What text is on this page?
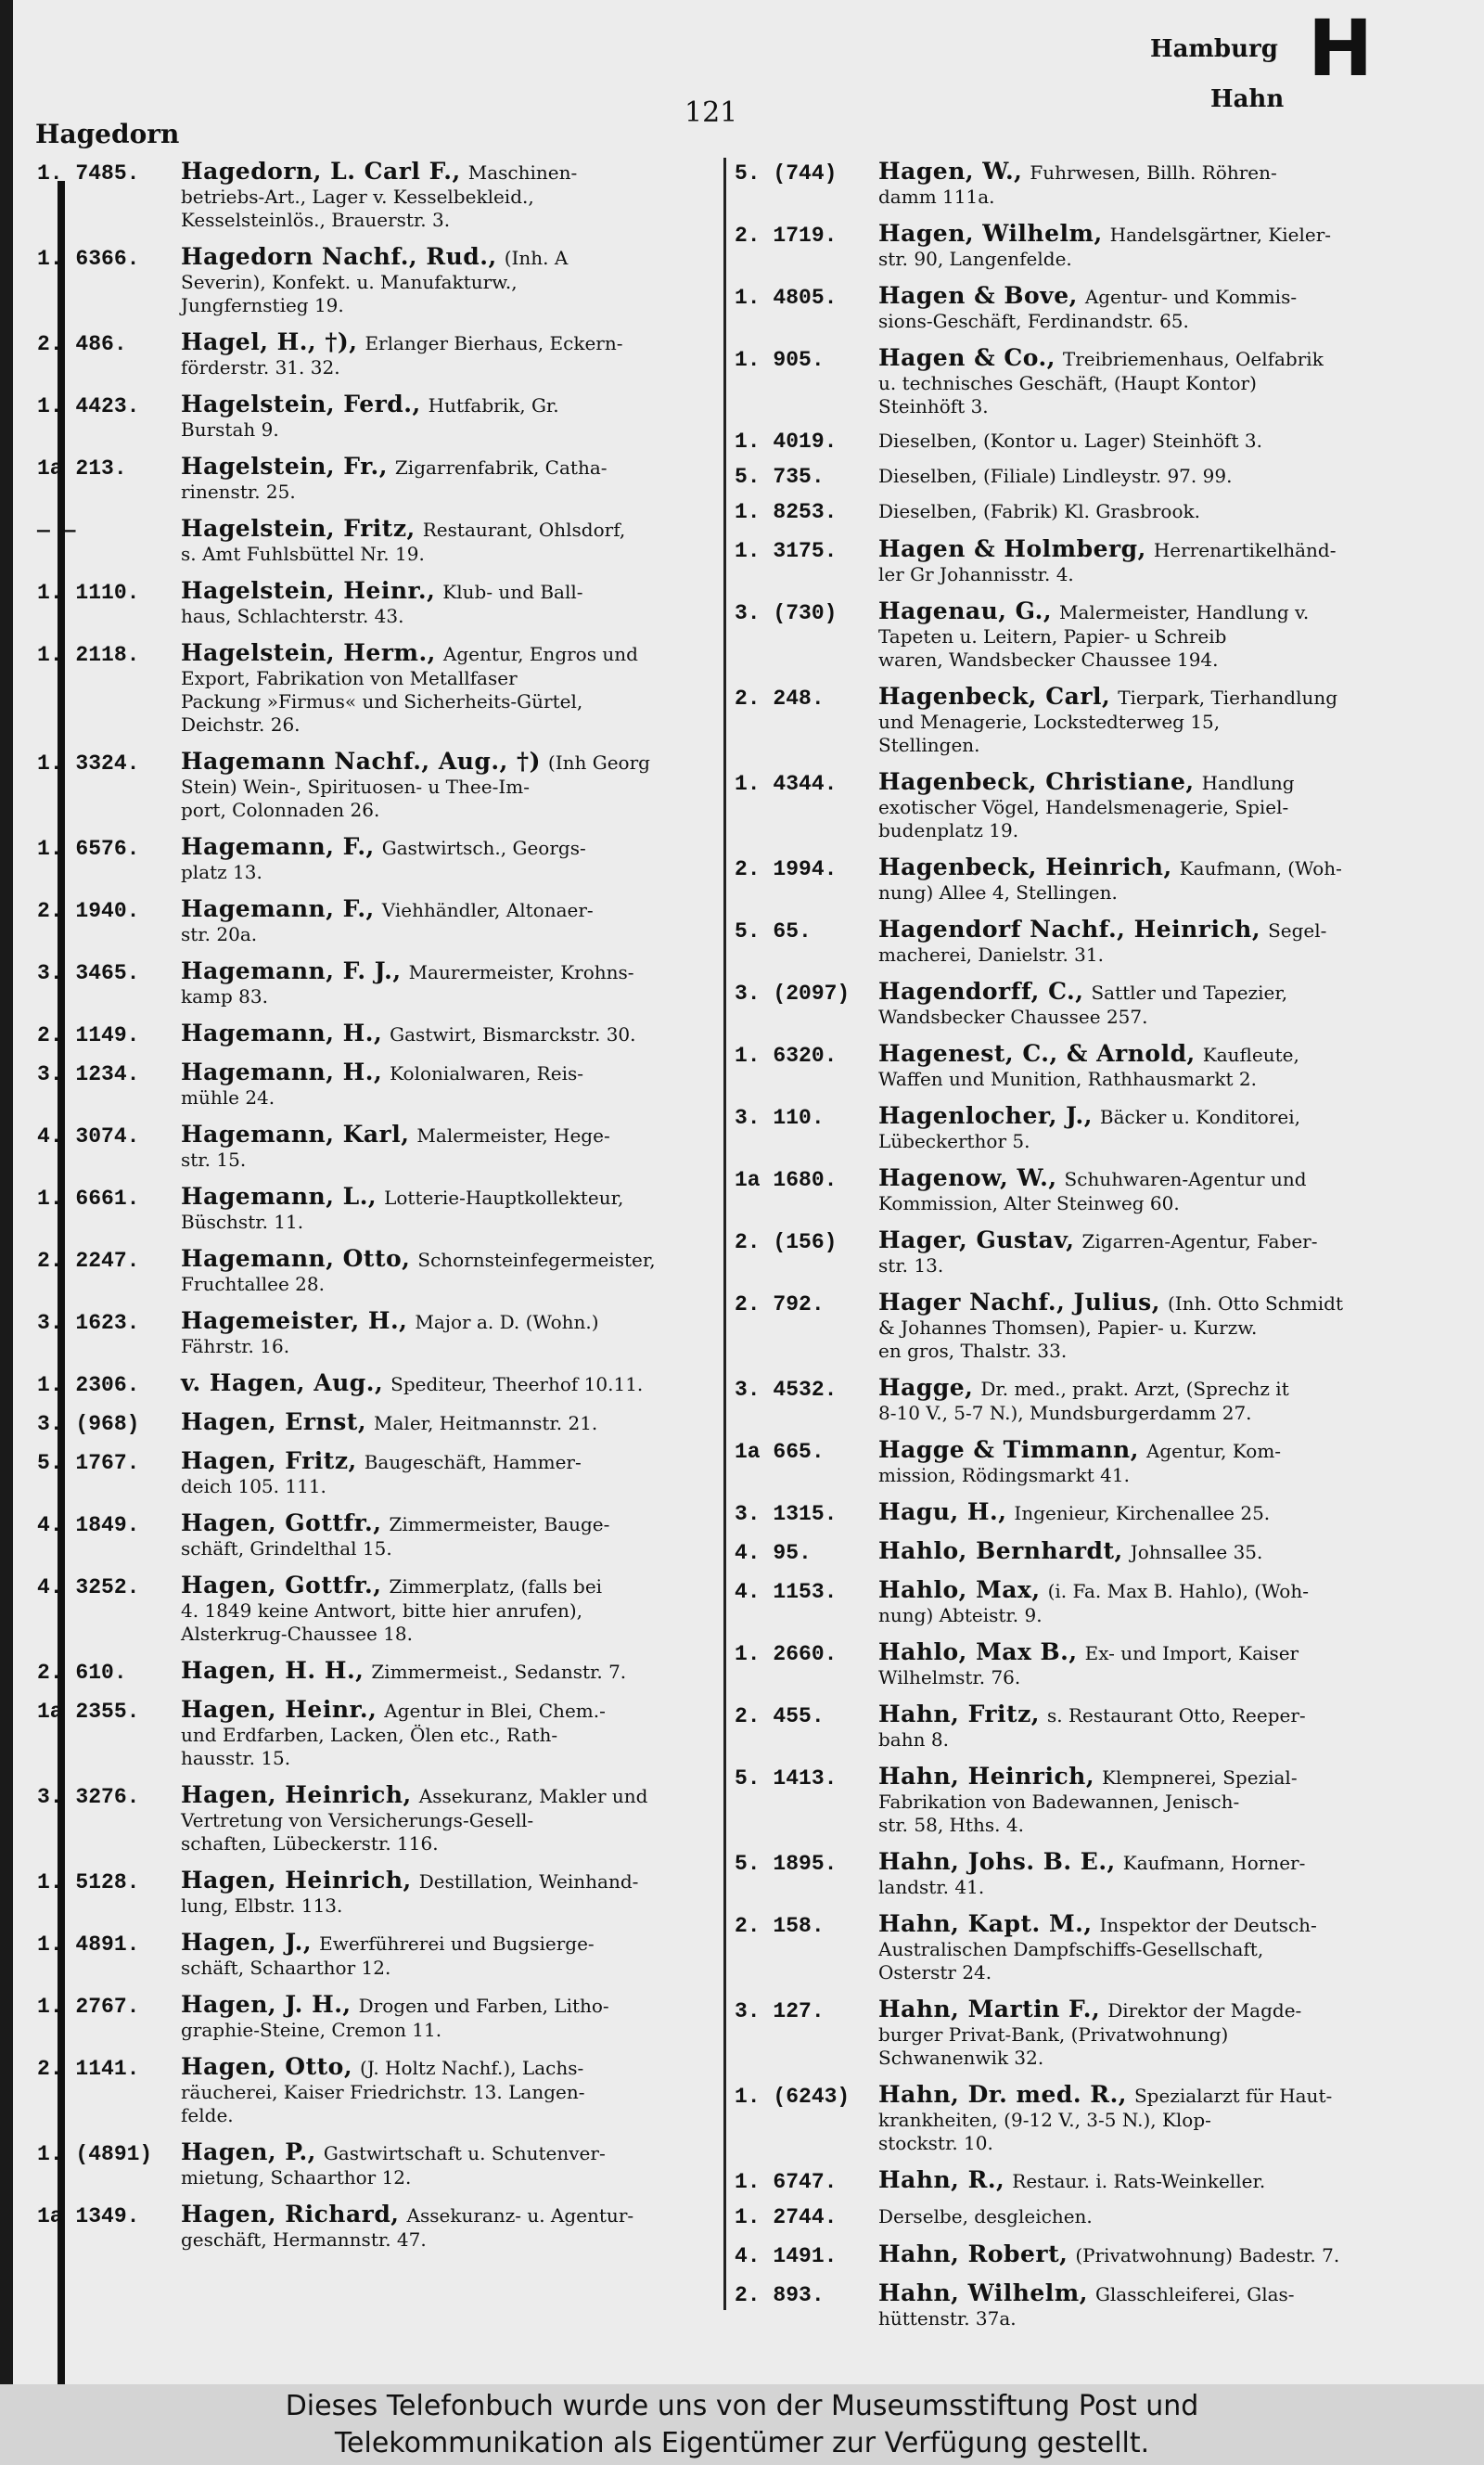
Hagedorn
121
Hamburg
Hahn
H
1. 7485.	Hagedorn, L. Carl F., Maschinen-
betriebs-Art., Lager v. Kesselbekleid.,
Kesselsteinlös., Brauerstr. 3.
1. 6366.	Hagedorn Nachf., Rud., (Inh. A
Severin), Konfekt. u. Manufakturw.,
Jungfernstieg 19.
2. 486.	Hagel, H., †), Erlanger Bierhaus, Eckern-
förderstr. 31. 32.
1. 4423.	Hagelstein, Ferd., Hutfabrik, Gr.
Burstah 9.
1a 213.	Hagelstein, Fr., Zigarrenfabrik, Catha-
rinenstr. 25.
— —	Hagelstein, Fritz, Restaurant, Ohlsdorf,
s. Amt Fuhlsbüttel Nr. 19.
1. 1110.	Hagelstein, Heinr., Klub- und Ball-
haus, Schlachterstr. 43.
1. 2118.	Hagelstein, Herm., Agentur, Engros und
Export, Fabrikation von Metallfaser
Packung »Firmus« und Sicherheits-Gürtel,
Deichstr. 26.
1. 3324.	Hagemann Nachf., Aug., †) (Inh Georg
Stein) Wein-, Spirituosen- u Thee-Im-
port, Colonnaden 26.
1. 6576.	Hagemann, F., Gastwirtsch., Georgs-
platz 13.
2. 1940.	Hagemann, F., Viehhändler, Altonaer-
str. 20a.
3. 3465.	Hagemann, F. J., Maurermeister, Krohns-
kamp 83.
2. 1149.	Hagemann, H., Gastwirt, Bismarckstr. 30.
3. 1234.	Hagemann, H., Kolonialwaren, Reis-
mühle 24.
4. 3074.	Hagemann, Karl, Malermeister, Hege-
str. 15.
1. 6661.	Hagemann, L., Lotterie-Hauptkollekteur,
Büschstr. 11.
2. 2247.	Hagemann, Otto, Schornsteinfegermeister,
Fruchtallee 28.
3. 1623.	Hagemeister, H., Major a. D. (Wohn.)
Fährstr. 16.
1. 2306.	v. Hagen, Aug., Spediteur, Theerhof 10.11.
3. (968)	Hagen, Ernst, Maler, Heitmannstr. 21.
5. 1767.	Hagen, Fritz, Baugeschäft, Hammer-
deich 105. 111.
4. 1849.	Hagen, Gottfr., Zimmermeister, Bauge-
schäft, Grindelthal 15.
4. 3252.	Hagen, Gottfr., Zimmerplatz, (falls bei
4. 1849 keine Antwort, bitte hier anrufen),
Alsterkrug-Chaussee 18.
2. 610.	Hagen, H. H., Zimmermeist., Sedanstr. 7.
1a 2355.	Hagen, Heinr., Agentur in Blei, Chem.-
und Erdfarben, Lacken, Ölen etc., Rath-
hausstr. 15.
3. 3276.	Hagen, Heinrich, Assekuranz, Makler und
Vertretung von Versicherungs-Gesell-
schaften, Lübeckerstr. 116.
1. 5128.	Hagen, Heinrich, Destillation, Weinhand-
lung, Elbstr. 113.
1. 4891.	Hagen, J., Ewerführerei und Bugsierge-
schäft, Schaarthor 12.
1. 2767.	Hagen, J. H., Drogen und Farben, Litho-
graphie-Steine, Cremon 11.
2. 1141.	Hagen, Otto, (J. Holtz Nachf.), Lachs-
räucherei, Kaiser Friedrichstr. 13. Langen-
felde.
1. (4891)	Hagen, P., Gastwirtschaft u. Schutenver-
mietung, Schaarthor 12.
1a 1349.	Hagen, Richard, Assekuranz- u. Agentur-
geschäft, Hermannstr. 47.
5. (744)	Hagen, W., Fuhrwesen, Billh. Röhren-
damm 111a.
2. 1719.	Hagen, Wilhelm, Handelsgärtner, Kieler-
str. 90, Langenfelde.
1. 4805.	Hagen & Bove, Agentur- und Kommis-
sions-Geschäft, Ferdinandstr. 65.
1. 905.	Hagen & Co., Treibriemenhaus, Oelfabrik
u. technisches Geschäft, (Haupt Kontor)
Steinhöft 3.
1. 4019.	Dieselben, (Kontor u. Lager) Steinhöft 3.
5. 735.	Dieselben, (Filiale) Lindleystr. 97. 99.
1. 8253.	Dieselben, (Fabrik) Kl. Grasbrook.
1. 3175.	Hagen & Holmberg, Herrenartikelhänd-
ler Gr Johannisstr. 4.
3. (730)	Hagenau, G., Malermeister, Handlung v.
Tapeten u. Leitern, Papier- u Schreib
waren, Wandsbecker Chaussee 194.
2. 248.	Hagenbeck, Carl, Tierpark, Tierhandlung
und Menagerie, Lockstedterweg 15,
Stellingen.
1. 4344.	Hagenbeck, Christiane, Handlung
exotischer Vögel, Handelsmenagerie, Spiel-
budenplatz 19.
2. 1994.	Hagenbeck, Heinrich, Kaufmann, (Woh-
nung) Allee 4, Stellingen.
5. 65.	Hagendorf Nachf., Heinrich, Segel-
macherei, Danielstr. 31.
3. (2097)	Hagendorff, C., Sattler und Tapezier,
Wandsbecker Chaussee 257.
1. 6320.	Hagenest, C., & Arnold, Kaufleute,
Waffen und Munition, Rathhausmarkt 2.
3. 110.	Hagenlocher, J., Bäcker u. Konditorei,
Lübeckerthor 5.
1a 1680.	Hagenow, W., Schuhwaren-Agentur und
Kommission, Alter Steinweg 60.
2. (156)	Hager, Gustav, Zigarren-Agentur, Faber-
str. 13.
2. 792.	Hager Nachf., Julius, (Inh. Otto Schmidt
& Johannes Thomsen), Papier- u. Kurzw.
en gros, Thalstr. 33.
3. 4532.	Hagge, Dr. med., prakt. Arzt, (Sprechz it
8-10 V., 5-7 N.), Mundsburgerdamm 27.
1a 665.	Hagge & Timmann, Agentur, Kom-
mission, Rödingsmarkt 41.
3. 1315.	Hagu, H., Ingenieur, Kirchenallee 25.
4. 95.	Hahlo, Bernhardt, Johnsallee 35.
4. 1153.	Hahlo, Max, (i. Fa. Max B. Hahlo), (Woh-
nung) Abteistr. 9.
1. 2660.	Hahlo, Max B., Ex- und Import, Kaiser
Wilhelmstr. 76.
2. 455.	Hahn, Fritz, s. Restaurant Otto, Reeper-
bahn 8.
5. 1413.	Hahn, Heinrich, Klempnerei, Spezial-
Fabrikation von Badewannen, Jenisch-
str. 58, Hths. 4.
5. 1895.	Hahn, Johs. B. E., Kaufmann, Horner-
landstr. 41.
2. 158.	Hahn, Kapt. M., Inspektor der Deutsch-
Australischen Dampfschiffs-Gesellschaft,
Osterstr 24.
3. 127.	Hahn, Martin F., Direktor der Magde-
burger Privat-Bank, (Privatwohnung)
Schwanenwik 32.
1. (6243)	Hahn, Dr. med. R., Spezialarzt für Haut-
krankheiten, (9-12 V., 3-5 N.), Klop-
stockstr. 10.
1. 6747.	Hahn, R., Restaur. i. Rats-Weinkeller.
1. 2744.	Derselbe, desgleichen.
4. 1491.	Hahn, Robert, (Privatwohnung) Badestr. 7.
2. 893.	Hahn, Wilhelm, Glasschleiferei, Glas-
hüttenstr. 37a.
Dieses Telefonbuch wurde uns von der Museumsstiftung Post und
Telekommunikation als Eigentümer zur Verfügung gestellt.
